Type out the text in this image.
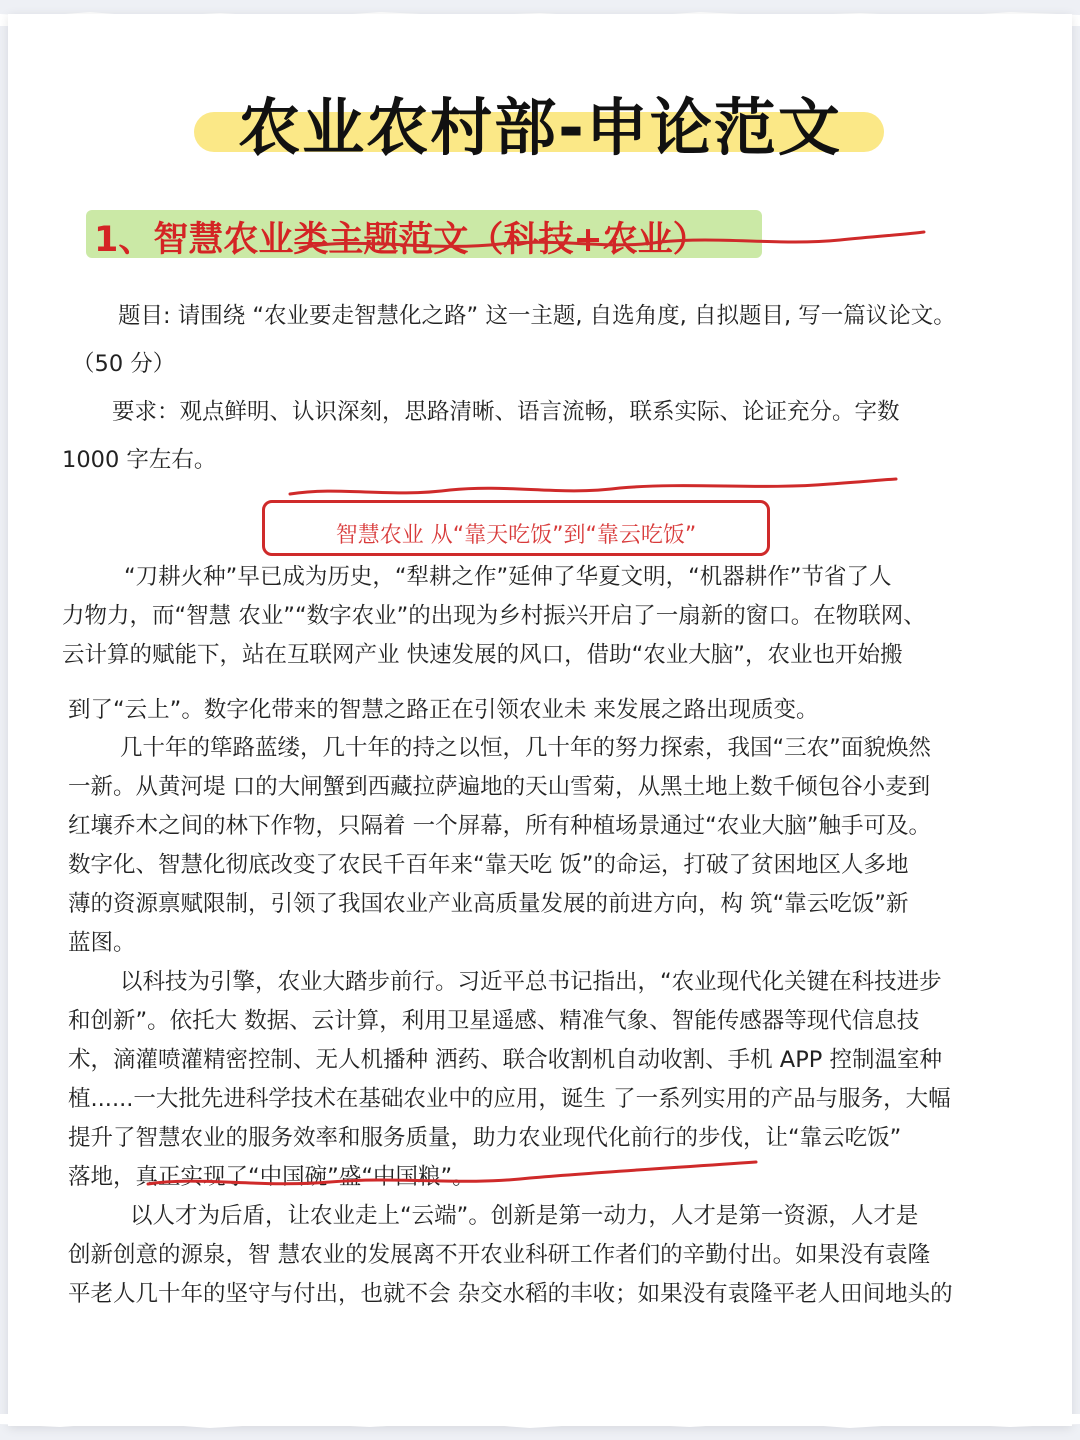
农业农村部-申论范文
1、智慧农业类主题范文（科技+农业）
题目: 请围绕 “农业要走智慧化之路” 这一主题, 自选角度, 自拟题目, 写一篇议论文。
（50 分）
要求：观点鲜明、认识深刻，思路清晰、语言流畅，联系实际、论证充分。字数
1000 字左右。
智慧农业 从“靠天吃饭”到“靠云吃饭”
“刀耕火种”早已成为历史，“犁耕之作”延伸了华夏文明，“机器耕作”节省了人
力物力，而“智慧 农业”“数字农业”的出现为乡村振兴开启了一扇新的窗口。在物联网、
云计算的赋能下，站在互联网产业 快速发展的风口，借助“农业大脑”，农业也开始搬
到了“云上”。数字化带来的智慧之路正在引领农业未 来发展之路出现质变。
几十年的筚路蓝缕，几十年的持之以恒，几十年的努力探索，我国“三农”面貌焕然
一新。从黄河堤 口的大闸蟹到西藏拉萨遍地的天山雪菊，从黑土地上数千倾包谷小麦到
红壤乔木之间的林下作物，只隔着 一个屏幕，所有种植场景通过“农业大脑”触手可及。
数字化、智慧化彻底改变了农民千百年来“靠天吃 饭”的命运，打破了贫困地区人多地
薄的资源禀赋限制，引领了我国农业产业高质量发展的前进方向，构 筑“靠云吃饭”新
蓝图。
以科技为引擎，农业大踏步前行。习近平总书记指出，“农业现代化关键在科技进步
和创新”。依托大 数据、云计算，利用卫星遥感、精准气象、智能传感器等现代信息技
术，滴灌喷灌精密控制、无人机播种 洒药、联合收割机自动收割、手机 APP 控制温室种
植......一大批先进科学技术在基础农业中的应用，诞生 了一系列实用的产品与服务，大幅
提升了智慧农业的服务效率和服务质量，助力农业现代化前行的步伐，让“靠云吃饭”
落地，真正实现了“中国碗”盛“中国粮”。
以人才为后盾，让农业走上“云端”。创新是第一动力，人才是第一资源，人才是
创新创意的源泉，智 慧农业的发展离不开农业科研工作者们的辛勤付出。如果没有袁隆
平老人几十年的坚守与付出，也就不会 杂交水稻的丰收；如果没有袁隆平老人田间地头的
